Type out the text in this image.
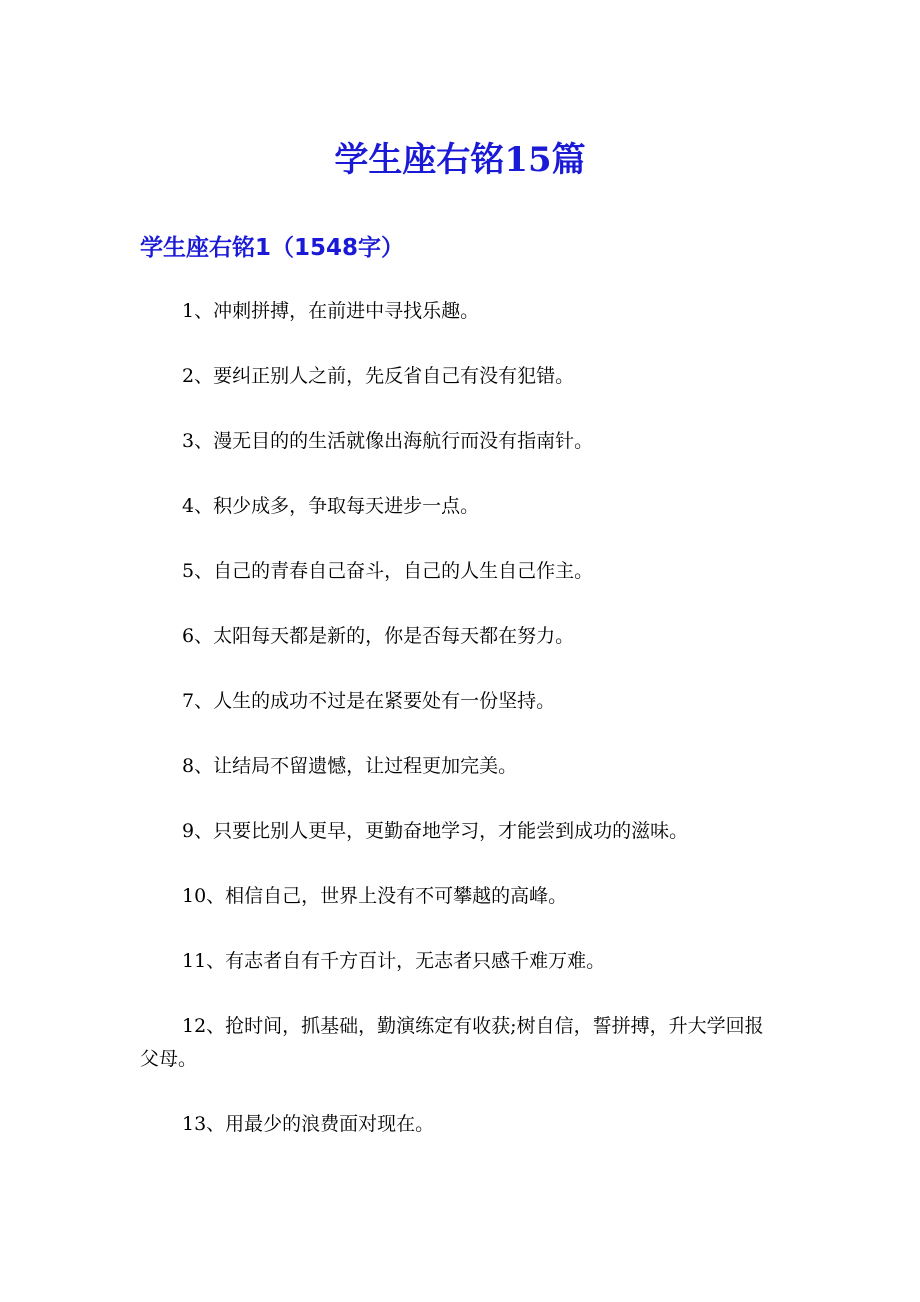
学生座右铭15篇
学生座右铭1（1548字）
1、冲刺拼搏，在前进中寻找乐趣。
2、要纠正别人之前，先反省自己有没有犯错。
3、漫无目的的生活就像出海航行而没有指南针。
4、积少成多，争取每天进步一点。
5、自己的青春自己奋斗，自己的人生自己作主。
6、太阳每天都是新的，你是否每天都在努力。
7、人生的成功不过是在紧要处有一份坚持。
8、让结局不留遗憾，让过程更加完美。
9、只要比别人更早，更勤奋地学习，才能尝到成功的滋味。
10、相信自己，世界上没有不可攀越的高峰。
11、有志者自有千方百计，无志者只感千难万难。
12、抢时间，抓基础，勤演练定有收获;树自信，誓拼搏，升大学回报父母。
13、用最少的浪费面对现在。
